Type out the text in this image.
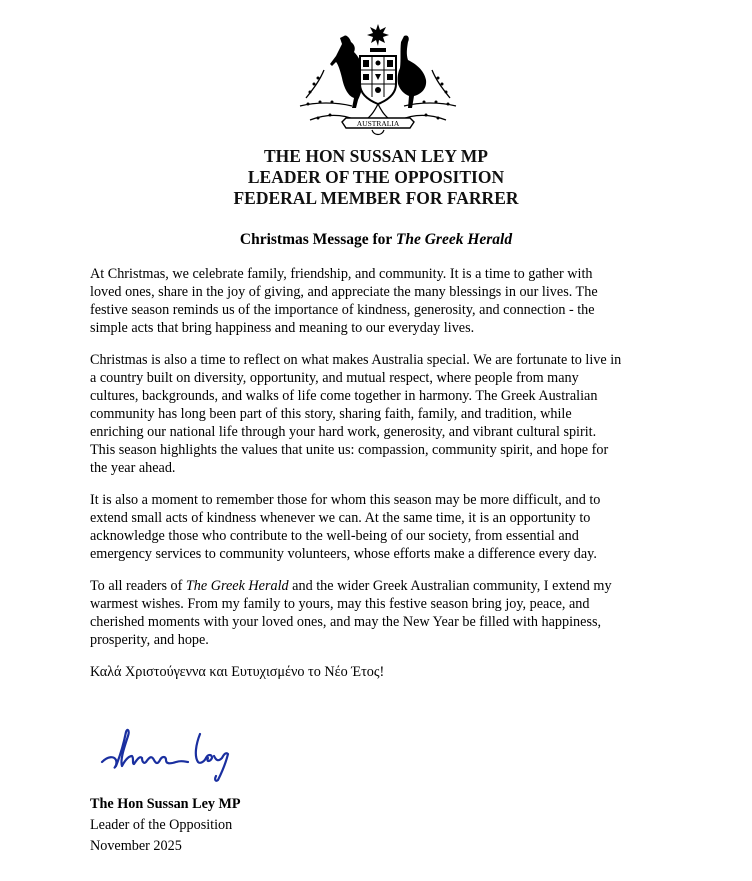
AUSTRALIA
THE HON SUSSAN LEY MP
LEADER OF THE OPPOSITION
FEDERAL MEMBER FOR FARRER
Christmas Message for The Greek Herald

At Christmas, we celebrate family, friendship, and community. It is a time to gather with
loved ones, share in the joy of giving, and appreciate the many blessings in our lives. The
festive season reminds us of the importance of kindness, generosity, and connection - the
simple acts that bring happiness and meaning to our everyday lives.

Christmas is also a time to reflect on what makes Australia special. We are fortunate to live in
a country built on diversity, opportunity, and mutual respect, where people from many
cultures, backgrounds, and walks of life come together in harmony. The Greek Australian
community has long been part of this story, sharing faith, family, and tradition, while
enriching our national life through your hard work, generosity, and vibrant cultural spirit.
This season highlights the values that unite us: compassion, community spirit, and hope for
the year ahead.

It is also a moment to remember those for whom this season may be more difficult, and to
extend small acts of kindness whenever we can. At the same time, it is an opportunity to
acknowledge those who contribute to the well-being of our society, from essential and
emergency services to community volunteers, whose efforts make a difference every day.

To all readers of The Greek Herald and the wider Greek Australian community, I extend my
warmest wishes. From my family to yours, may this festive season bring joy, peace, and
cherished moments with your loved ones, and may the New Year be filled with happiness,
prosperity, and hope.

Καλά Χριστούγεννα και Ευτυχισμένο το Νέο Έτος!

The Hon Sussan Ley MP
Leader of the Opposition
November 2025
